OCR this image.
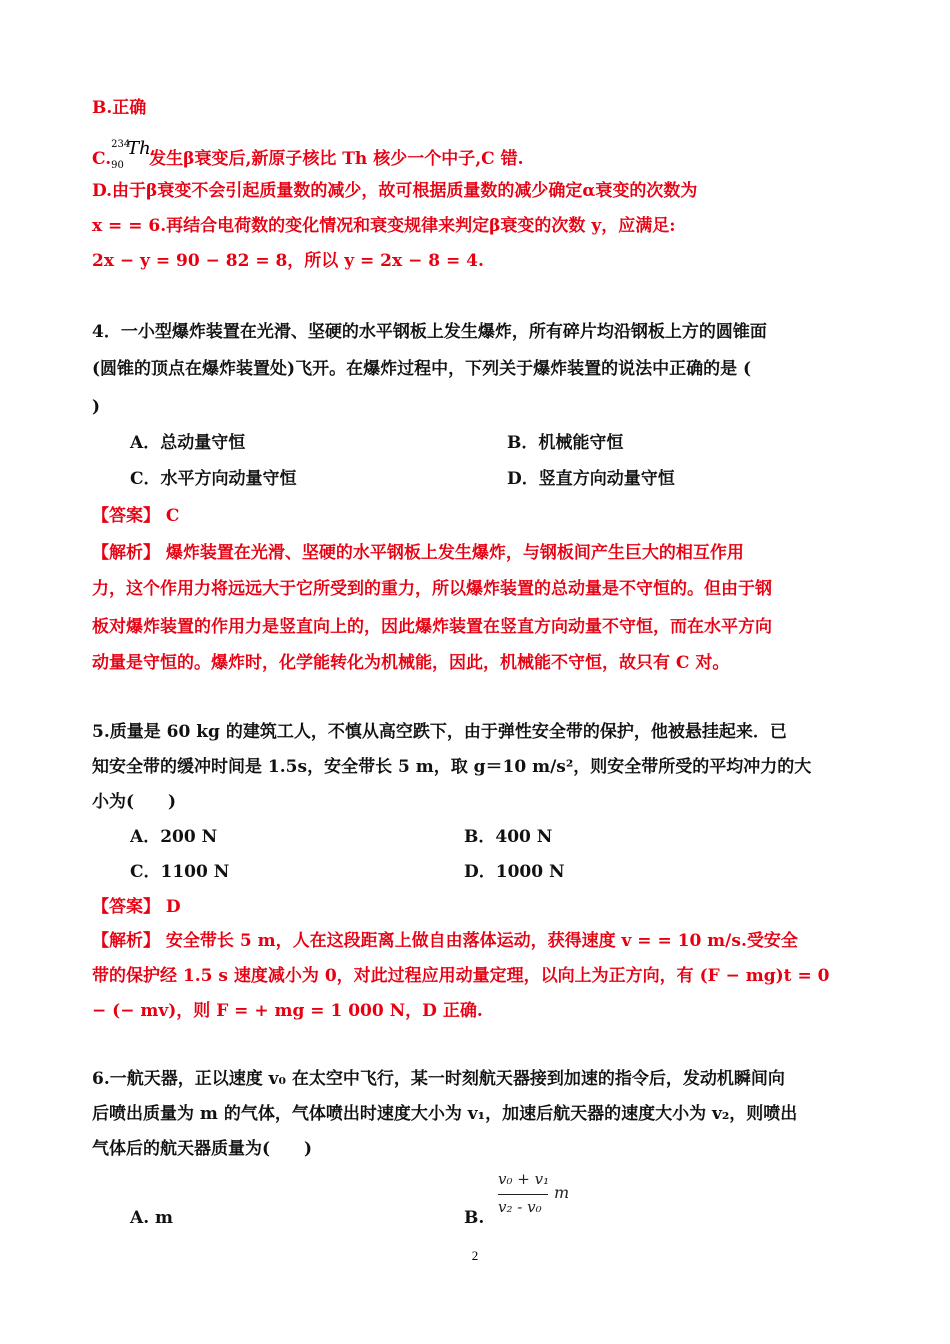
B.正确
C.
234
90
Th
发生β衰变后,新原子核比 Th 核少一个中子,C 错.
D.由于β衰变不会引起质量数的减少，故可根据质量数的减少确定α衰变的次数为
x = = 6.再结合电荷数的变化情况和衰变规律来判定β衰变的次数 y，应满足:
2x − y = 90 − 82 = 8，所以 y = 2x − 8 = 4.
4．一小型爆炸装置在光滑、坚硬的水平钢板上发生爆炸，所有碎片均沿钢板上方的圆锥面
(圆锥的顶点在爆炸装置处)飞开。在爆炸过程中，下列关于爆炸装置的说法中正确的是 (
)
A．总动量守恒	B．机械能守恒
C．水平方向动量守恒	D．竖直方向动量守恒
【答案】 C
【解析】 爆炸装置在光滑、坚硬的水平钢板上发生爆炸，与钢板间产生巨大的相互作用
力，这个作用力将远远大于它所受到的重力，所以爆炸装置的总动量是不守恒的。但由于钢
板对爆炸装置的作用力是竖直向上的，因此爆炸装置在竖直方向动量不守恒，而在水平方向
动量是守恒的。爆炸时，化学能转化为机械能，因此，机械能不守恒，故只有 C 对。
5.质量是 60 kg 的建筑工人，不慎从高空跌下，由于弹性安全带的保护，他被悬挂起来．已
知安全带的缓冲时间是 1.5s，安全带长 5 m，取 g＝10 m/s²，则安全带所受的平均冲力的大
小为(　　)
A．200 N	B．400 N
C．1100 N	D．1000 N
【答案】 D
【解析】 安全带长 5 m，人在这段距离上做自由落体运动，获得速度 v = = 10 m/s.受安全
带的保护经 1.5 s 速度减小为 0，对此过程应用动量定理，以向上为正方向，有 (F − mg)t = 0
− (− mv)，则 F = + mg = 1 000 N，D 正确.
6.一航天器，正以速度 v₀ 在太空中飞行，某一时刻航天器接到加速的指令后，发动机瞬间向
后喷出质量为 m 的气体，气体喷出时速度大小为 v₁，加速后航天器的速度大小为 v₂，则喷出
气体后的航天器质量为(　　)
A. m	B.
v₀ + v₁
v₂ - v₀
m
2
